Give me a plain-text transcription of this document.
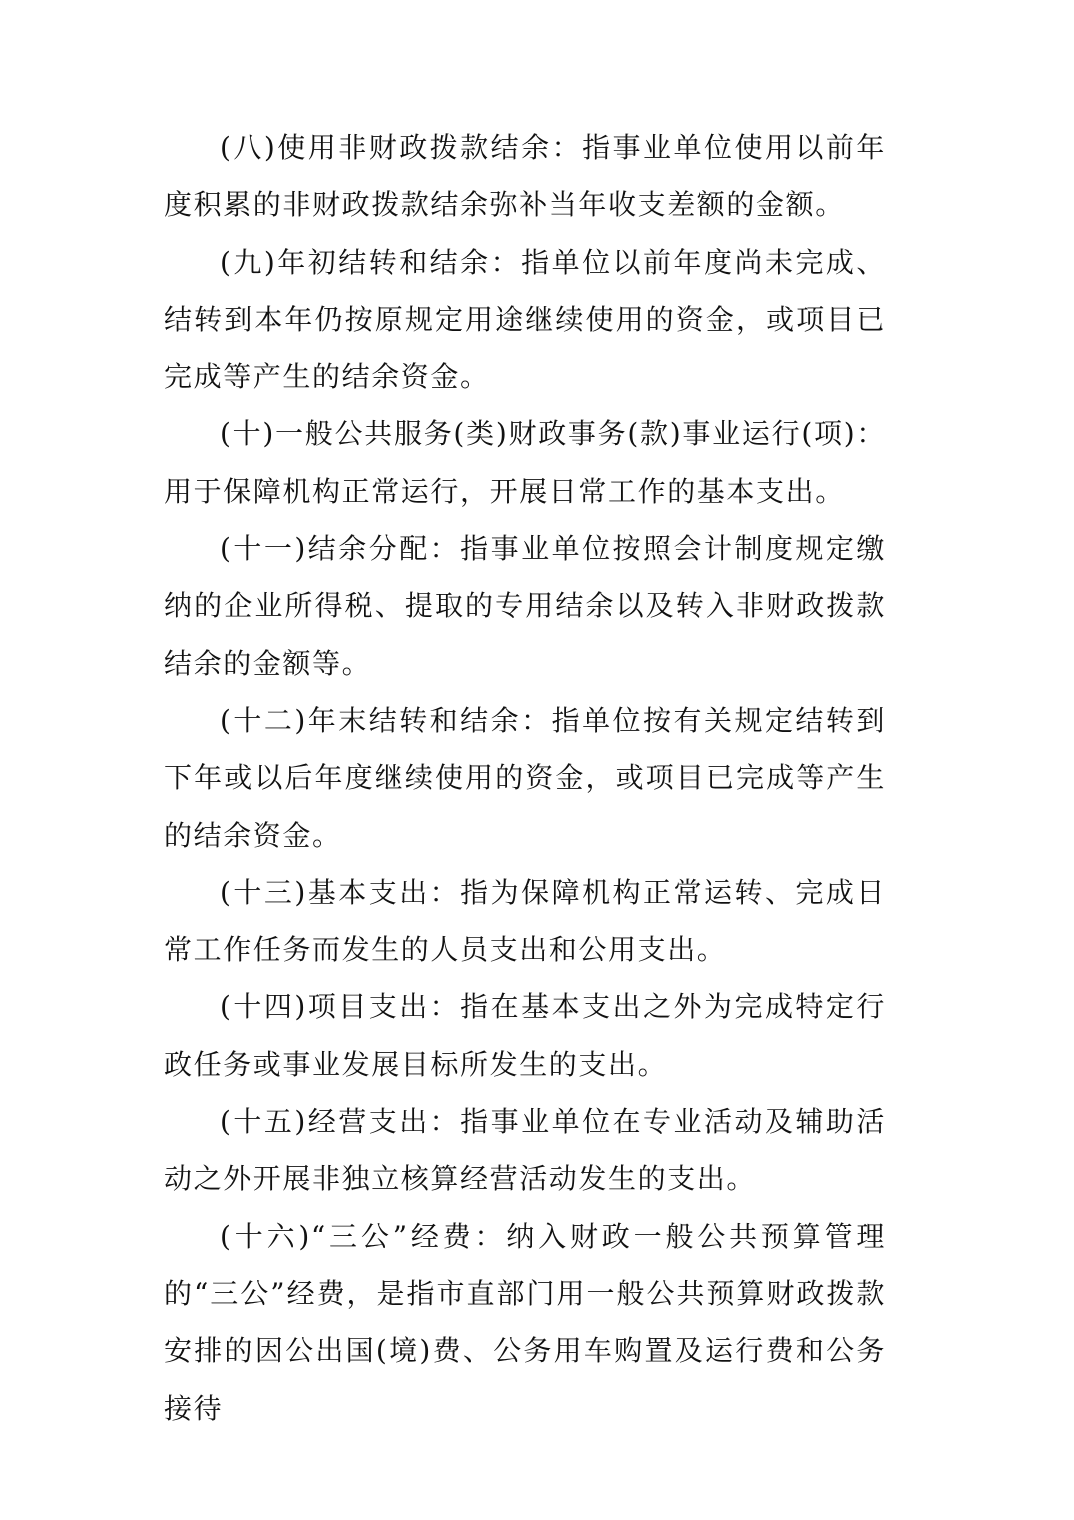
(八)使用非财政拨款结余：指事业单位使用以前年度积累的非财政拨款结余弥补当年收支差额的金额。

(九)年初结转和结余：指单位以前年度尚未完成、结转到本年仍按原规定用途继续使用的资金，或项目已完成等产生的结余资金。

(十)一般公共服务(类)财政事务(款)事业运行(项)：用于保障机构正常运行，开展日常工作的基本支出。

(十一)结余分配：指事业单位按照会计制度规定缴纳的企业所得税、提取的专用结余以及转入非财政拨款结余的金额等。

(十二)年末结转和结余：指单位按有关规定结转到下年或以后年度继续使用的资金，或项目已完成等产生的结余资金。

(十三)基本支出：指为保障机构正常运转、完成日常工作任务而发生的人员支出和公用支出。

(十四)项目支出：指在基本支出之外为完成特定行政任务或事业发展目标所发生的支出。

(十五)经营支出：指事业单位在专业活动及辅助活动之外开展非独立核算经营活动发生的支出。

(十六)“三公”经费：纳入财政一般公共预算管理的“三公”经费，是指市直部门用一般公共预算财政拨款安排的因公出国(境)费、公务用车购置及运行费和公务接待
